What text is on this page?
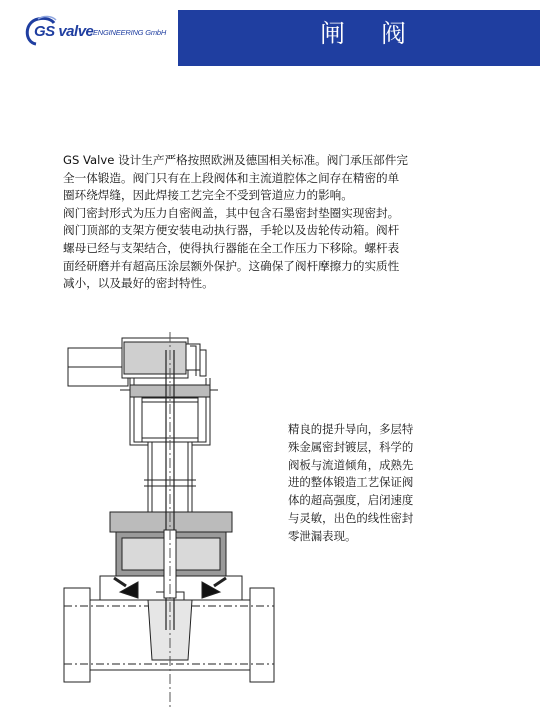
闸 阀
GS valve ENGINEERING GmbH
GS Valve 设计生产严格按照欧洲及德国相关标准。阀门承压部件完
全一体锻造。阀门只有在上段阀体和主流道腔体之间存在精密的单
圈环绕焊缝，因此焊接工艺完全不受到管道应力的影响。
阀门密封形式为压力自密阀盖，其中包含石墨密封垫圈实现密封。
阀门顶部的支架方便安装电动执行器，手轮以及齿轮传动箱。阀杆
螺母已经与支架结合，使得执行器能在全工作压力下移除。螺杆表
面经研磨并有超高压涂层额外保护。这确保了阀杆摩擦力的实质性
减小，以及最好的密封特性。
精良的提升导向，多层特
殊金属密封镀层，科学的
阀板与流道倾角，成熟先
进的整体锻造工艺保证阀
体的超高强度，启闭速度
与灵敏，出色的线性密封
零泄漏表现。
